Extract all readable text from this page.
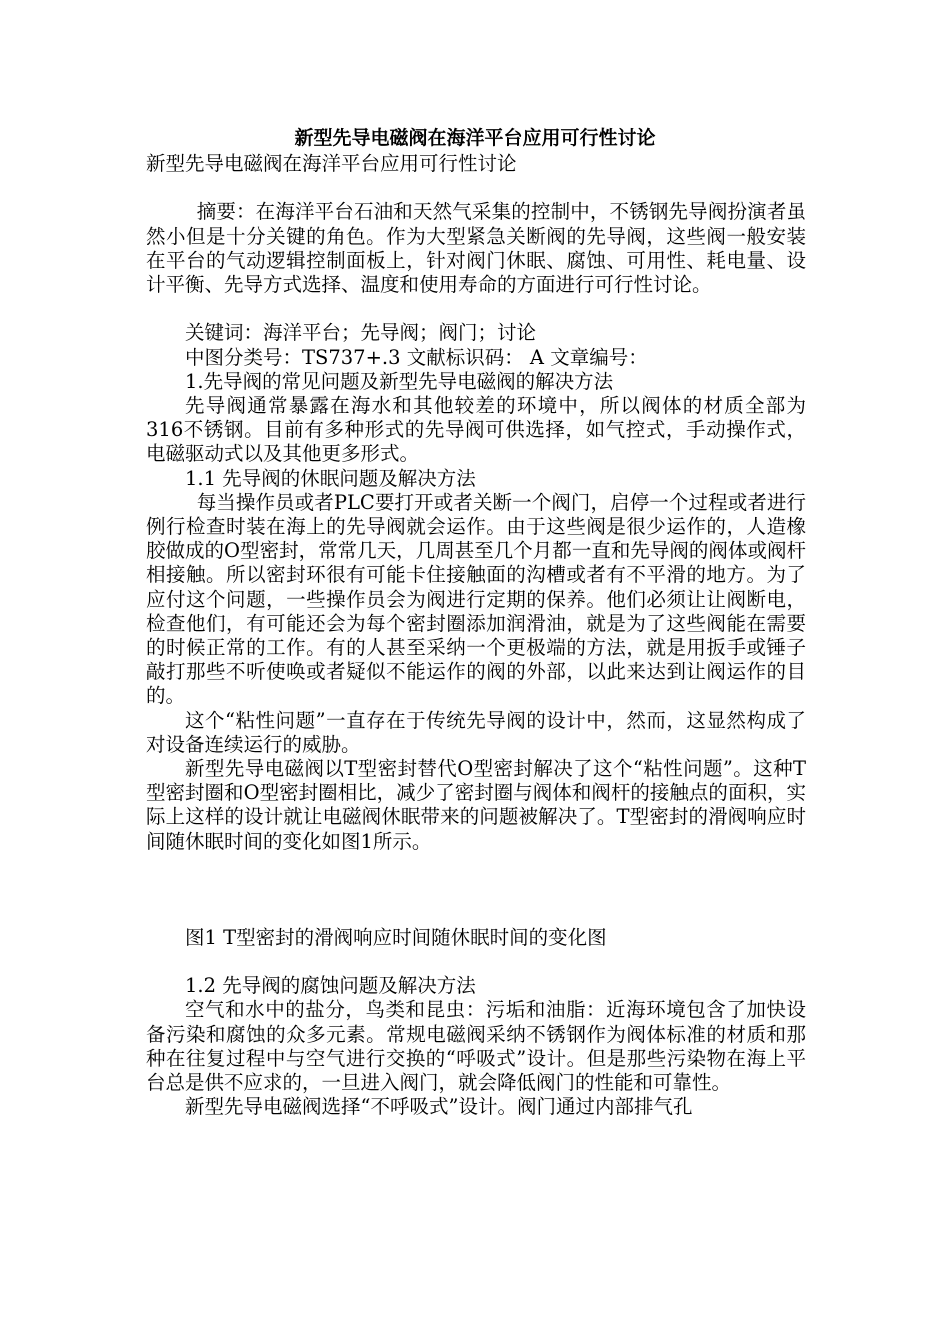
新型先导电磁阀在海洋平台应用可行性讨论

新型先导电磁阀在海洋平台应用可行性讨论

摘要：在海洋平台石油和天然气采集的控制中，不锈钢先导阀扮演者虽然小但是十分关键的角色。作为大型紧急关断阀的先导阀，这些阀一般安装在平台的气动逻辑控制面板上，针对阀门休眠、腐蚀、可用性、耗电量、设计平衡、先导方式选择、温度和使用寿命的方面进行可行性讨论。

关键词：海洋平台；先导阀；阀门；讨论

中图分类号：TS737+.3 文献标识码： A 文章编号：

1.先导阀的常见问题及新型先导电磁阀的解决方法

先导阀通常暴露在海水和其他较差的环境中，所以阀体的材质全部为316不锈钢。目前有多种形式的先导阀可供选择，如气控式，手动操作式，电磁驱动式以及其他更多形式。

1.1 先导阀的休眠问题及解决方法

每当操作员或者PLC要打开或者关断一个阀门，启停一个过程或者进行例行检查时装在海上的先导阀就会运作。由于这些阀是很少运作的，人造橡胶做成的O型密封，常常几天，几周甚至几个月都一直和先导阀的阀体或阀杆相接触。所以密封环很有可能卡住接触面的沟槽或者有不平滑的地方。为了应付这个问题，一些操作员会为阀进行定期的保养。他们必须让让阀断电，检查他们，有可能还会为每个密封圈添加润滑油，就是为了这些阀能在需要的时候正常的工作。有的人甚至采纳一个更极端的方法，就是用扳手或锤子敲打那些不听使唤或者疑似不能运作的阀的外部，以此来达到让阀运作的目的。

这个“粘性问题”一直存在于传统先导阀的设计中，然而，这显然构成了对设备连续运行的威胁。

新型先导电磁阀以T型密封替代O型密封解决了这个“粘性问题”。这种T型密封圈和O型密封圈相比，减少了密封圈与阀体和阀杆的接触点的面积，实际上这样的设计就让电磁阀休眠带来的问题被解决了。T型密封的滑阀响应时间随休眠时间的变化如图1所示。

图1 T型密封的滑阀响应时间随休眠时间的变化图

1.2 先导阀的腐蚀问题及解决方法

空气和水中的盐分，鸟类和昆虫：污垢和油脂：近海环境包含了加快设备污染和腐蚀的众多元素。常规电磁阀采纳不锈钢作为阀体标准的材质和那种在往复过程中与空气进行交换的“呼吸式”设计。但是那些污染物在海上平台总是供不应求的，一旦进入阀门，就会降低阀门的性能和可靠性。

新型先导电磁阀选择“不呼吸式”设计。阀门通过内部排气孔
